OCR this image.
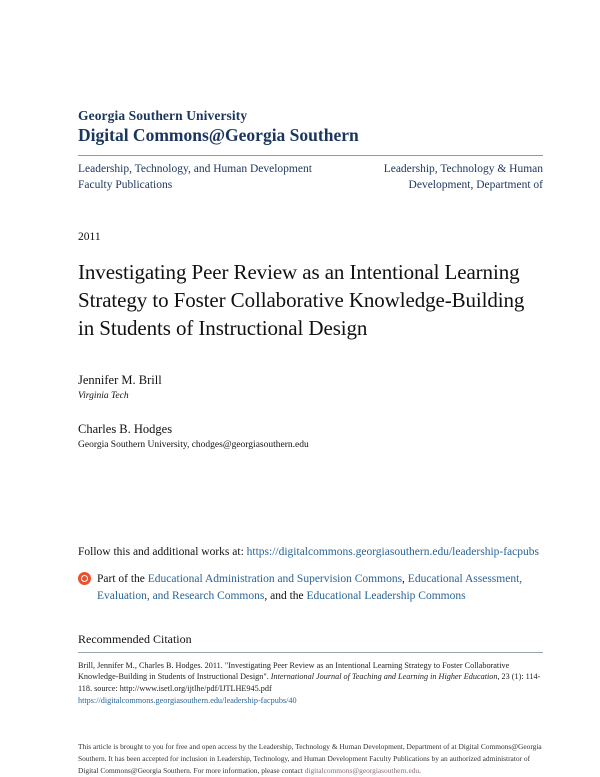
Georgia Southern University
Digital Commons@Georgia Southern
Leadership, Technology, and Human Development Faculty Publications
Leadership, Technology & Human Development, Department of
2011
Investigating Peer Review as an Intentional Learning Strategy to Foster Collaborative Knowledge-Building in Students of Instructional Design
Jennifer M. Brill
Virginia Tech
Charles B. Hodges
Georgia Southern University, chodges@georgiasouthern.edu
Follow this and additional works at: https://digitalcommons.georgiasouthern.edu/leadership-facpubs
Part of the Educational Administration and Supervision Commons, Educational Assessment, Evaluation, and Research Commons, and the Educational Leadership Commons
Recommended Citation
Brill, Jennifer M., Charles B. Hodges. 2011. "Investigating Peer Review as an Intentional Learning Strategy to Foster Collaborative Knowledge-Building in Students of Instructional Design". International Journal of Teaching and Learning in Higher Education, 23 (1): 114-118. source: http://www.isetl.org/ijtlhe/pdf/IJTLHE945.pdf
https://digitalcommons.georgiasouthern.edu/leadership-facpubs/40
This article is brought to you for free and open access by the Leadership, Technology & Human Development, Department of at Digital Commons@Georgia Southern. It has been accepted for inclusion in Leadership, Technology, and Human Development Faculty Publications by an authorized administrator of Digital Commons@Georgia Southern. For more information, please contact digitalcommons@georgiasouthern.edu.
